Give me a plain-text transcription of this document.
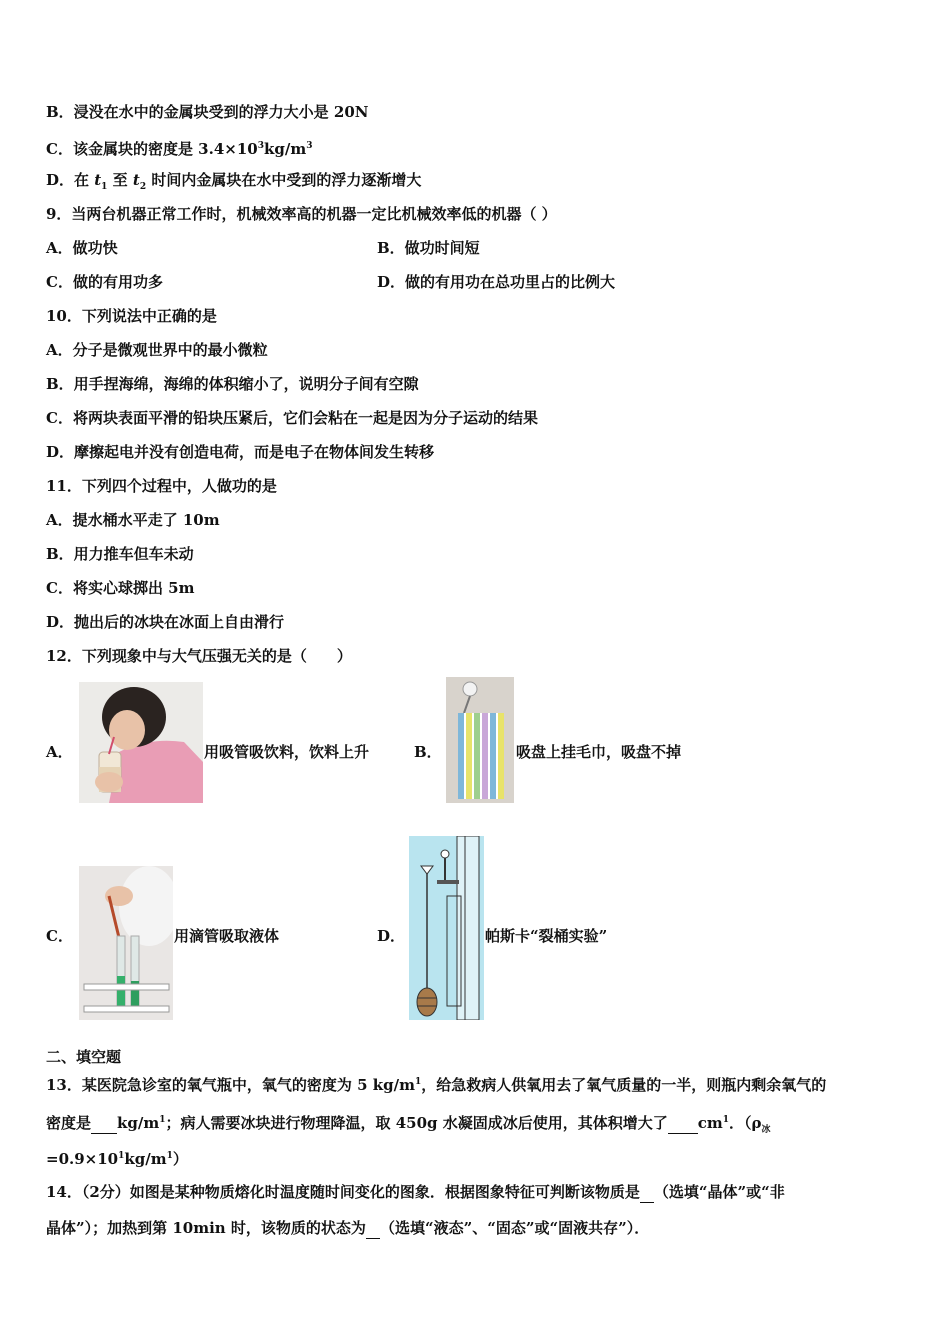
B．浸没在水中的金属块受到的浮力大小是 20N
C．该金属块的密度是 $3.4\times 10^3kg/m^3$
D．在 $t_1$ 至 $t_2$ 时间内金属块在水中受到的浮力逐渐增大
9．当两台机器正常工作时，机械效率高的机器一定比机械效率低的机器（ ）
A．做功快	B．做功时间短
C．做的有用功多	D．做的有用功在总功里占的比例大
10．下列说法中正确的是
A．分子是微观世界中的最小微粒
B．用手捏海绵，海绵的体积缩小了，说明分子间有空隙
C．将两块表面平滑的铅块压紧后，它们会粘在一起是因为分子运动的结果
D．摩擦起电并没有创造电荷，而是电子在物体间发生转移
11．下列四个过程中，人做功的是
A．提水桶水平走了 10m
B．用力推车但车未动
C．将实心球掷出 5m
D．抛出后的冰块在冰面上自由滑行
12．下列现象中与大气压强无关的是（　　）
A．	用吸管吸饮料，饮料上升	B．	吸盘上挂毛巾，吸盘不掉
C．	用滴管吸取液体	D．	帕斯卡“裂桶实验”
二、填空题
13．某医院急诊室的氧气瓶中，氧气的密度为 5 $kg/m^1$，给急救病人供氧用去了氧气质量的一半，则瓶内剩余氧气的
密度是 $kg/m^1$；病人需要冰块进行物理降温，取 450g 水凝固成冰后使用，其体积增大了 $cm^1$．（$\rho_冰$
$=0.9\times 10^1kg/m^1$）
14．（2分）如图是某种物质熔化时温度随时间变化的图象．根据图象特征可判断该物质是 （选填“晶体”或“非
晶体”）；加热到第 10min 时，该物质的状态为 （选填“液态”、“固态”或“固液共存”）．
